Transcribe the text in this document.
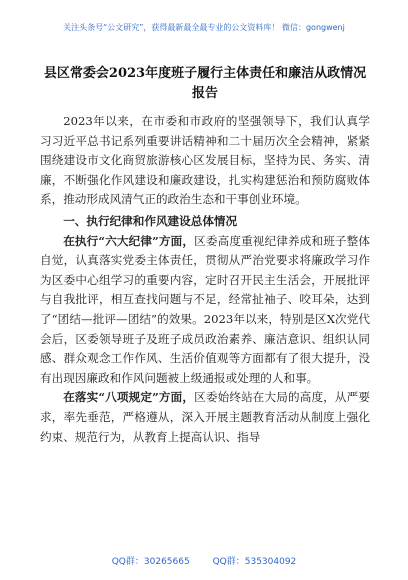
关注头条号“公文研究”，获得最新最全最专业的公文资料库！ 微信：gongwenj
县区常委会2023年度班子履行主体责任和廉洁从政情况报告

2023年以来，在市委和市政府的坚强领导下，我们认真学习习近平总书记系列重要讲话精神和二十届历次全会精神，紧紧围绕建设市文化商贸旅游核心区发展目标，坚持为民、务实、清廉，不断强化作风建设和廉政建设，扎实构建惩治和预防腐败体系，推动形成风清气正的政治生态和干事创业环境。

一、执行纪律和作风建设总体情况

在执行“六大纪律”方面，区委高度重视纪律养成和班子整体自觉，认真落实党委主体责任，贯彻从严治党要求将廉政学习作为区委中心组学习的重要内容，定时召开民主生活会，开展批评与自我批评，相互查找问题与不足，经常扯袖子、咬耳朵，达到了“团结—批评—团结”的效果。2023年以来，特别是区X次党代会后，区委领导班子及班子成员政治素养、廉洁意识、组织认同感、群众观念工作作风、生活价值观等方面都有了很大提升，没有出现因廉政和作风问题被上级通报或处理的人和事。

在落实“八项规定”方面，区委始终站在大局的高度，从严要求，率先垂范，严格遵从，深入开展主题教育活动从制度上强化约束、规范行为，从教育上提高认识、指导

QQ群：30265665	QQ群：535304092
